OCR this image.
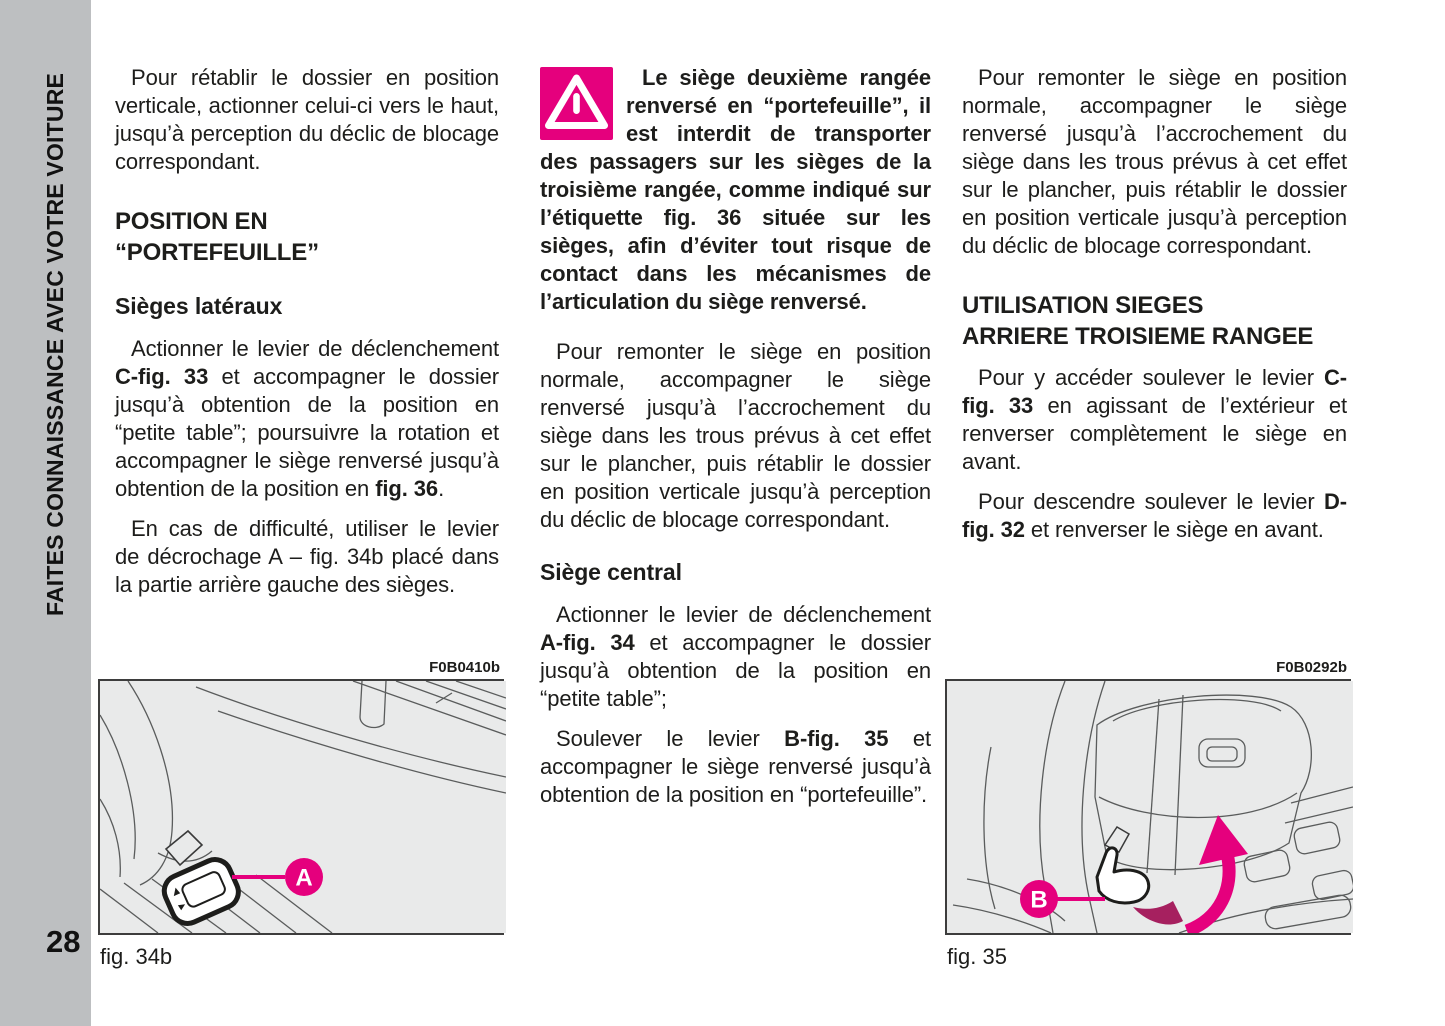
FAITES CONNAISSANCE AVEC VOTRE VOITURE
28

Pour rétablir le dossier en position verticale, actionner celui-ci vers le haut, jusqu’à perception du déclic de blocage correspondant.

POSITION EN
“PORTEFEUILLE”
Sièges latéraux

Actionner le levier de déclenchement C-fig. 33 et accompagner le dossier jusqu’à obtention de la position en “petite table”; poursuivre la rotation et accompagner le siège renversé jusqu’à obtention de la position en fig. 36.

En cas de difficulté, utiliser le levier de décrochage A – fig. 34b placé dans la partie arrière gauche des sièges.

Le siège deuxième rangée renversé en “portefeuille”, il est interdit de transporter des passagers sur les sièges de la troisième rangée, comme indiqué sur l’étiquette fig. 36 située sur les sièges, afin d’éviter tout risque de contact dans les mécanismes de l’articulation du siège renversé.

Pour remonter le siège en position normale, accompagner le siège renversé jusqu’à l’accrochement du siège dans les trous prévus à cet effet sur le plancher, puis rétablir le dossier en position verticale jusqu’à perception du déclic de blocage correspondant.

Siège central

Actionner le levier de déclenchement A-fig. 34 et accompagner le dossier jusqu’à obtention de la position en “petite table”;

Soulever le levier B-fig. 35 et accompagner le siège renversé jusqu’à obtention de la position en “portefeuille”.

Pour remonter le siège en position normale, accompagner le siège renversé jusqu’à l’accrochement du siège dans les trous prévus à cet effet sur le plancher, puis rétablir le dossier en position verticale jusqu’à perception du déclic de blocage correspondant.

UTILISATION SIEGES
ARRIERE TROISIEME RANGEE

Pour y accéder soulever le levier C-fig. 33 en agissant de l’extérieur et renverser complètement le siège en avant.

Pour descendre soulever le levier D-fig. 32 et renverser le siège en avant.

F0B0410b
A
fig. 34b
F0B0292b
B
fig. 35
